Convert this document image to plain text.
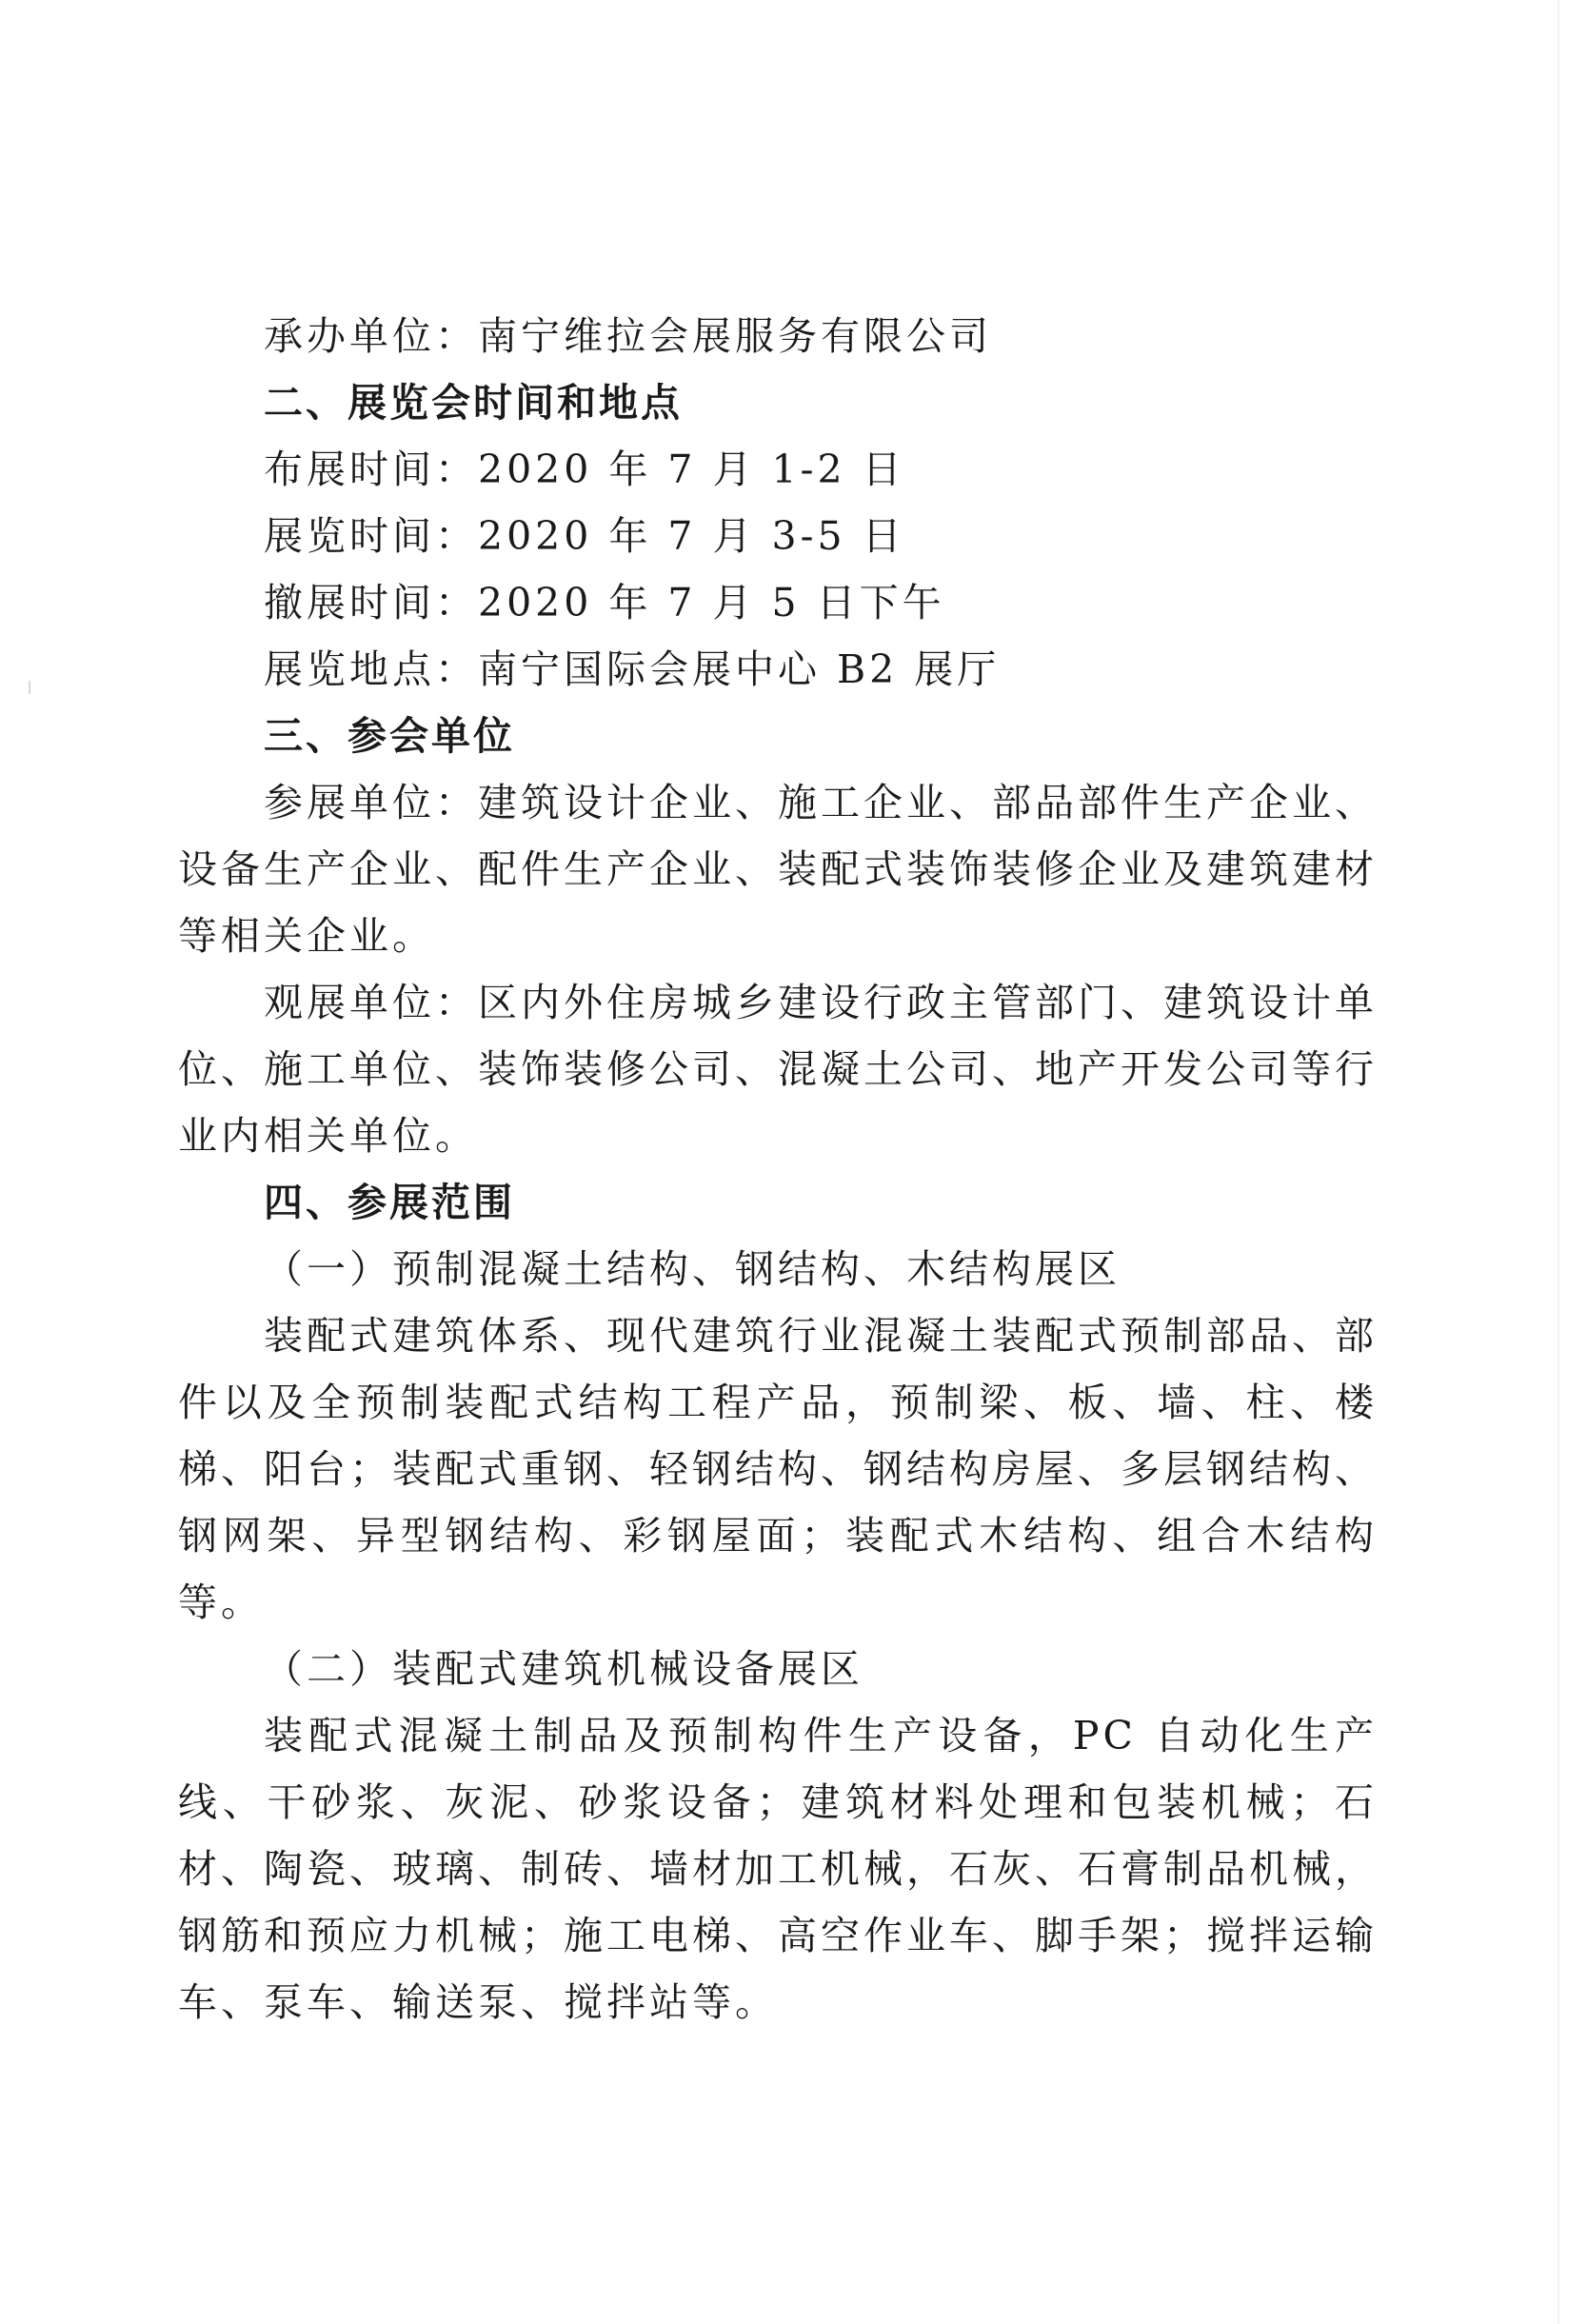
承办单位：南宁维拉会展服务有限公司
二、展览会时间和地点
布展时间：2020 年 7 月 1-2 日
展览时间：2020 年 7 月 3-5 日
撤展时间：2020 年 7 月 5 日下午
展览地点：南宁国际会展中心 B2 展厅
三、参会单位

参展单位：建筑设计企业、施工企业、部品部件生产企业、设备生产企业、配件生产企业、装配式装饰装修企业及建筑建材等相关企业。

观展单位：区内外住房城乡建设行政主管部门、建筑设计单位、施工单位、装饰装修公司、混凝土公司、地产开发公司等行业内相关单位。

四、参展范围
（一）预制混凝土结构、钢结构、木结构展区

装配式建筑体系、现代建筑行业混凝土装配式预制部品、部件以及全预制装配式结构工程产品，预制梁、板、墙、柱、楼梯、阳台；装配式重钢、轻钢结构、钢结构房屋、多层钢结构、钢网架、异型钢结构、彩钢屋面；装配式木结构、组合木结构等。

（二）装配式建筑机械设备展区

装配式混凝土制品及预制构件生产设备，PC 自动化生产线、干砂浆、灰泥、砂浆设备；建筑材料处理和包装机械；石材、陶瓷、玻璃、制砖、墙材加工机械，石灰、石膏制品机械，钢筋和预应力机械；施工电梯、高空作业车、脚手架；搅拌运输车、泵车、输送泵、搅拌站等。
